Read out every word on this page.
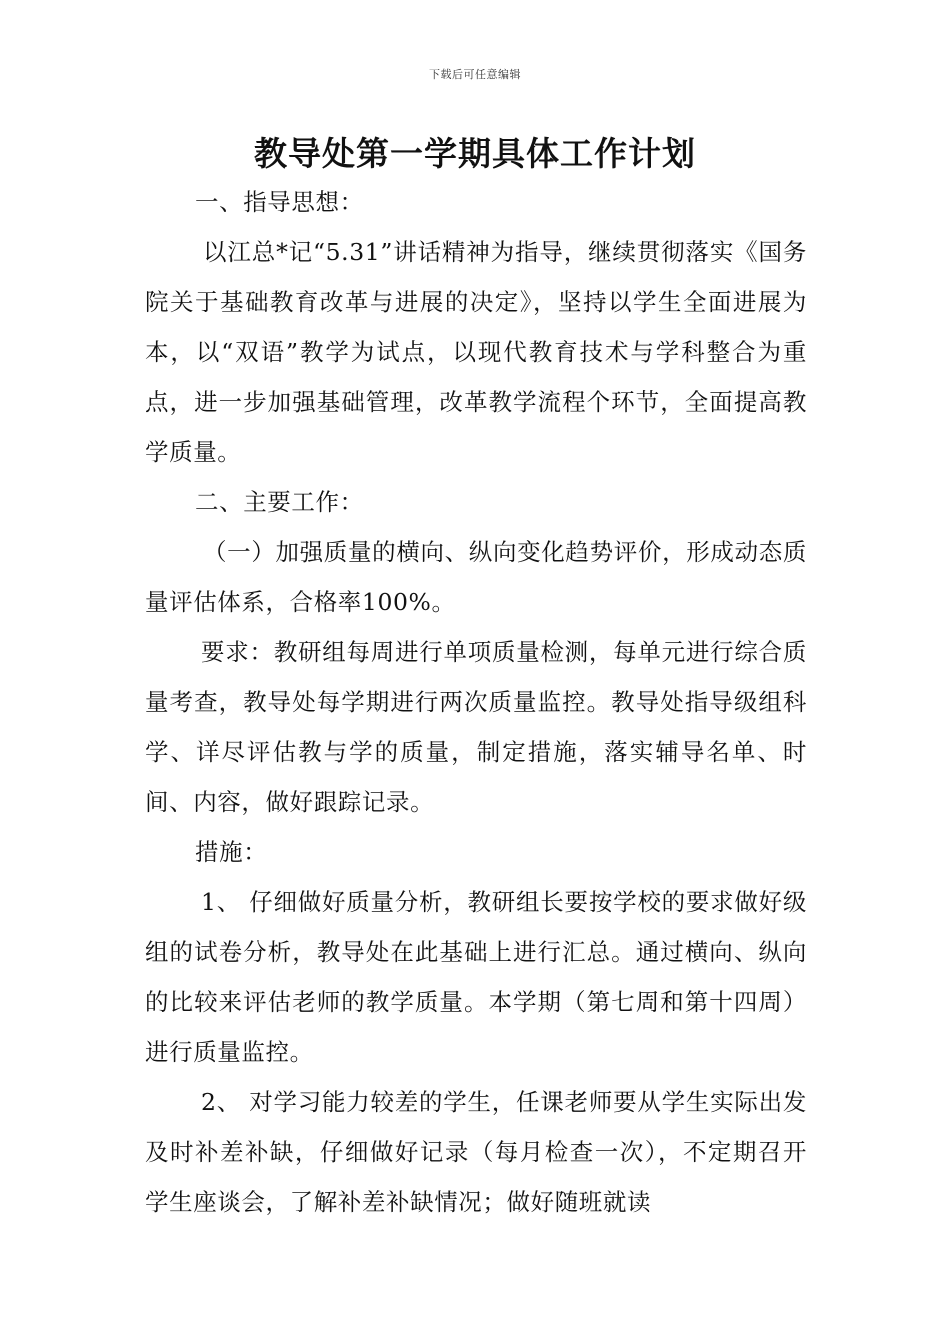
下载后可任意编辑
教导处第一学期具体工作计划

一、指导思想：

以江总*记“5.31”讲话精神为指导，继续贯彻落实《国务院关于基础教育改革与进展的决定》，坚持以学生全面进展为本，以“双语”教学为试点，以现代教育技术与学科整合为重点，进一步加强基础管理，改革教学流程个环节，全面提高教学质量。

二、主要工作：

（一）加强质量的横向、纵向变化趋势评价，形成动态质量评估体系，合格率100%。

要求：教研组每周进行单项质量检测，每单元进行综合质量考查，教导处每学期进行两次质量监控。教导处指导级组科学、详尽评估教与学的质量，制定措施，落实辅导名单、时间、内容，做好跟踪记录。

措施：

1、 仔细做好质量分析，教研组长要按学校的要求做好级组的试卷分析，教导处在此基础上进行汇总。通过横向、纵向的比较来评估老师的教学质量。本学期（第七周和第十四周）进行质量监控。

2、 对学习能力较差的学生，任课老师要从学生实际出发及时补差补缺，仔细做好记录（每月检查一次），不定期召开学生座谈会，了解补差补缺情况；做好随班就读
